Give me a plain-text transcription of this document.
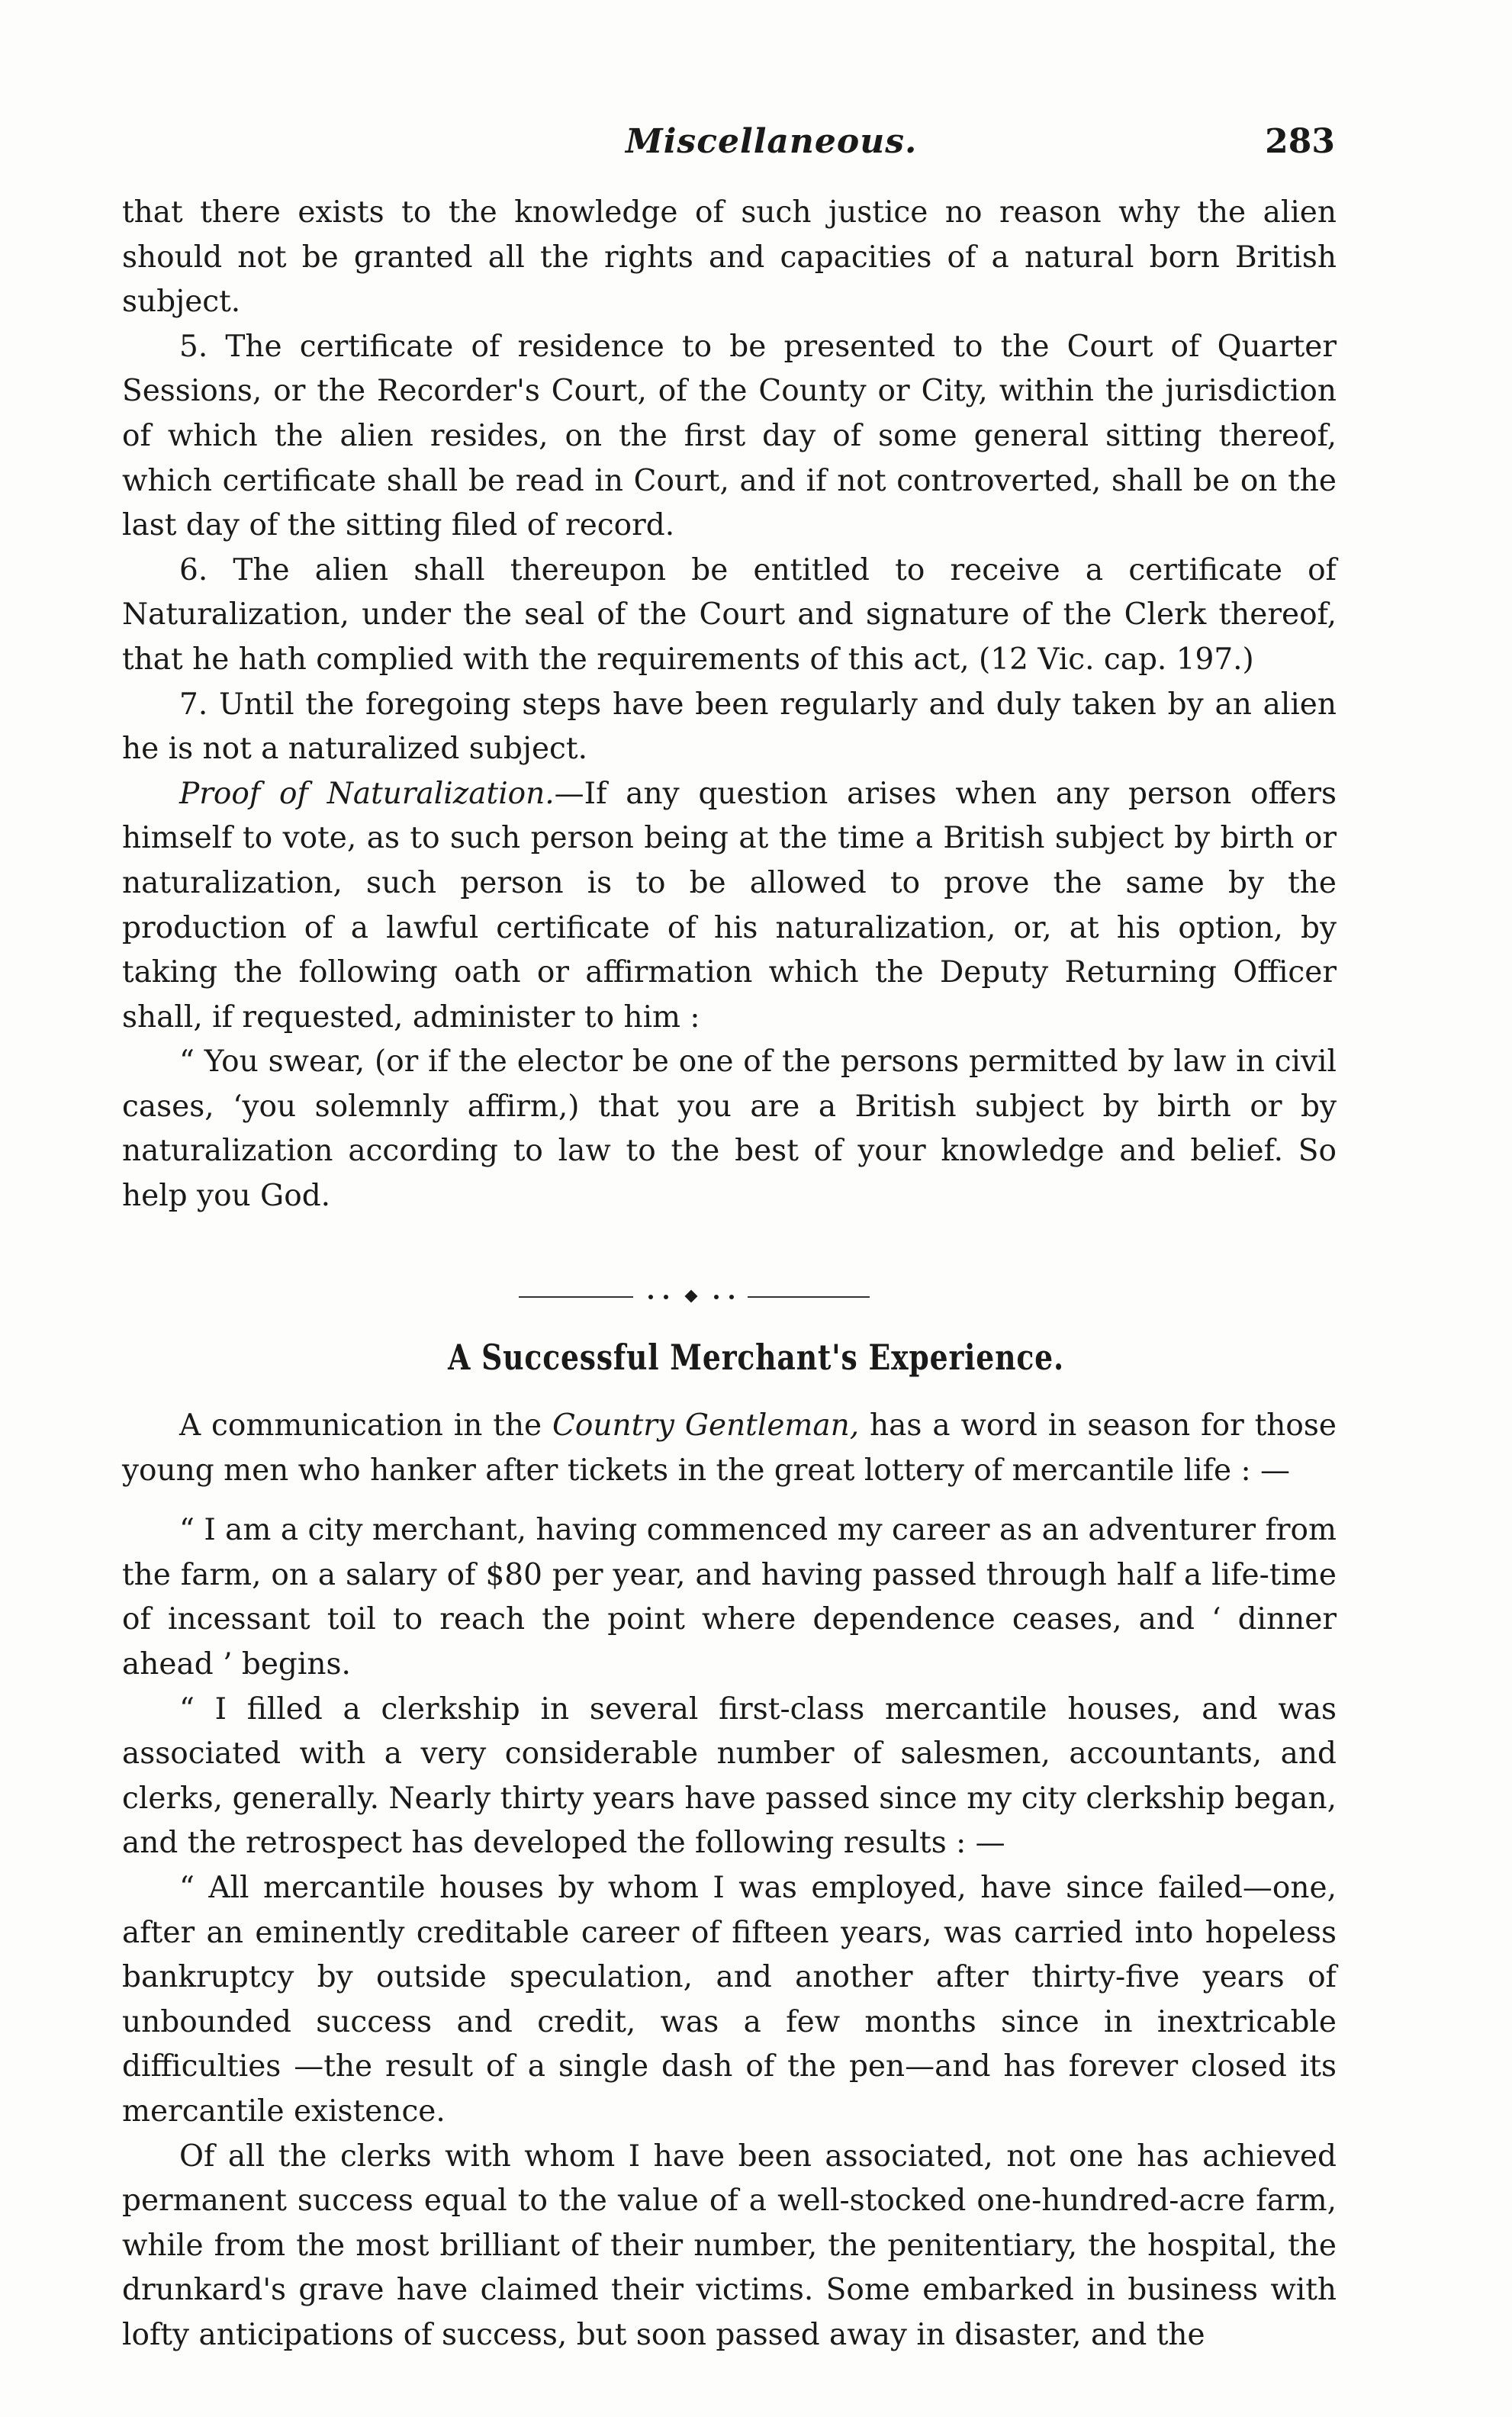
Miscellaneous.	283

that there exists to the knowledge of such justice no reason why the alien should not be granted all the rights and capacities of a natural born British subject.

5. The certificate of residence to be presented to the Court of Quarter Sessions, or the Recorder's Court, of the County or City, within the jurisdiction of which the alien resides, on the first day of some general sitting thereof, which certificate shall be read in Court, and if not controverted, shall be on the last day of the sitting filed of record.

6. The alien shall thereupon be entitled to receive a certificate of Naturalization, under the seal of the Court and signature of the Clerk thereof, that he hath complied with the requirements of this act, (12 Vic. cap. 197.)

7. Until the foregoing steps have been regularly and duly taken by an alien he is not a naturalized subject.

Proof of Naturalization.—If any question arises when any person offers himself to vote, as to such person being at the time a British subject by birth or naturalization, such person is to be allowed to prove the same by the production of a lawful certificate of his naturalization, or, at his option, by taking the following oath or affirmation which the Deputy Returning Officer shall, if requested, administer to him :

“ You swear, (or if the elector be one of the persons permitted by law in civil cases, ‘you solemnly affirm,) that you are a British subject by birth or by naturalization according to law to the best of your knowledge and belief. So help you God.

A Successful Merchant's Experience.

A communication in the Country Gentleman, has a word in season for those young men who hanker after tickets in the great lottery of mercantile life : —

“ I am a city merchant, having commenced my career as an adventurer from the farm, on a salary of $80 per year, and having passed through half a life-time of incessant toil to reach the point where dependence ceases, and ‘ dinner ahead ’ begins.

“ I filled a clerkship in several first-class mercantile houses, and was associated with a very considerable number of salesmen, accountants, and clerks, generally. Nearly thirty years have passed since my city clerkship began, and the retrospect has developed the following results : —

“ All mercantile houses by whom I was employed, have since failed—one, after an eminently creditable career of fifteen years, was carried into hopeless bankruptcy by outside speculation, and another after thirty-five years of unbounded success and credit, was a few months since in inextricable difficulties —the result of a single dash of the pen—and has forever closed its mercantile existence.

Of all the clerks with whom I have been associated, not one has achieved permanent success equal to the value of a well-stocked one-hundred-acre farm, while from the most brilliant of their number, the penitentiary, the hospital, the drunkard's grave have claimed their victims. Some embarked in business with lofty anticipations of success, but soon passed away in disaster, and the
